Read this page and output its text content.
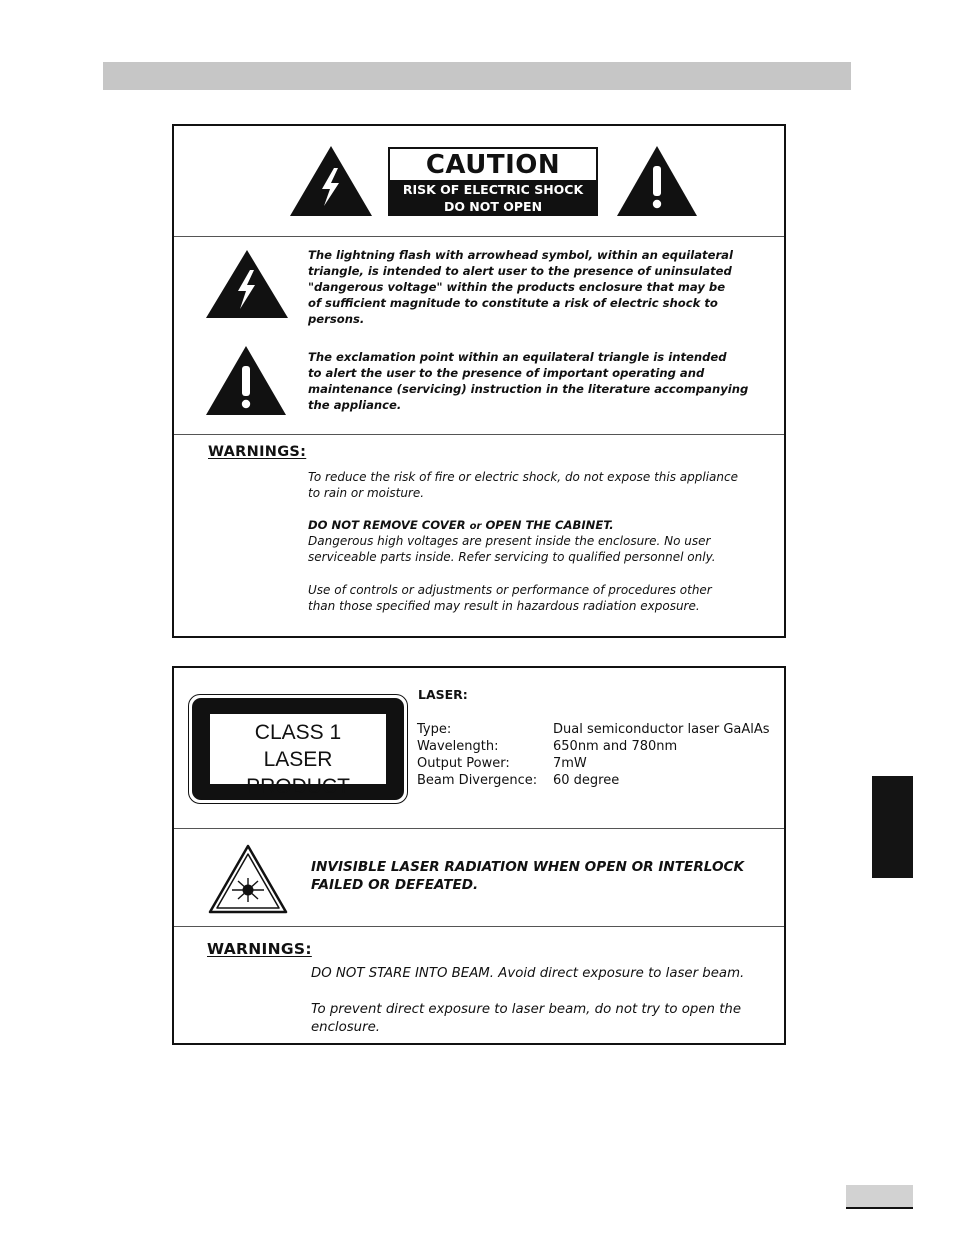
CAUTION
RISK OF ELECTRIC SHOCK
DO NOT OPEN
The lightning flash with arrowhead symbol, within an equilateral
triangle, is intended to alert user to the presence of uninsulated
"dangerous voltage" within the products enclosure that may be
of sufficient magnitude to constitute a risk of electric shock to
persons.
The exclamation point within an equilateral triangle is intended
to alert the user to the presence of important operating and
maintenance (servicing) instruction in the literature accompanying
the appliance.
WARNINGS:
To reduce the risk of fire or electric shock, do not expose this appliance
to rain or moisture.
DO NOT REMOVE COVER or OPEN THE CABINET.
Dangerous high voltages are present inside the enclosure. No user
serviceable parts inside. Refer servicing to qualified personnel only.
Use of controls or adjustments or performance of procedures other
than those specified may result in hazardous radiation exposure.
CLASS 1
LASER PRODUCT
LASER:
Type:	Dual semiconductor laser GaAlAs
Wavelength:	650nm and 780nm
Output Power:	7mW
Beam Divergence:	60 degree
INVISIBLE LASER RADIATION WHEN OPEN OR INTERLOCK
FAILED OR DEFEATED.
WARNINGS:
DO NOT STARE INTO BEAM. Avoid direct exposure to laser beam.
To prevent direct exposure to laser beam, do not try to open the
enclosure.
